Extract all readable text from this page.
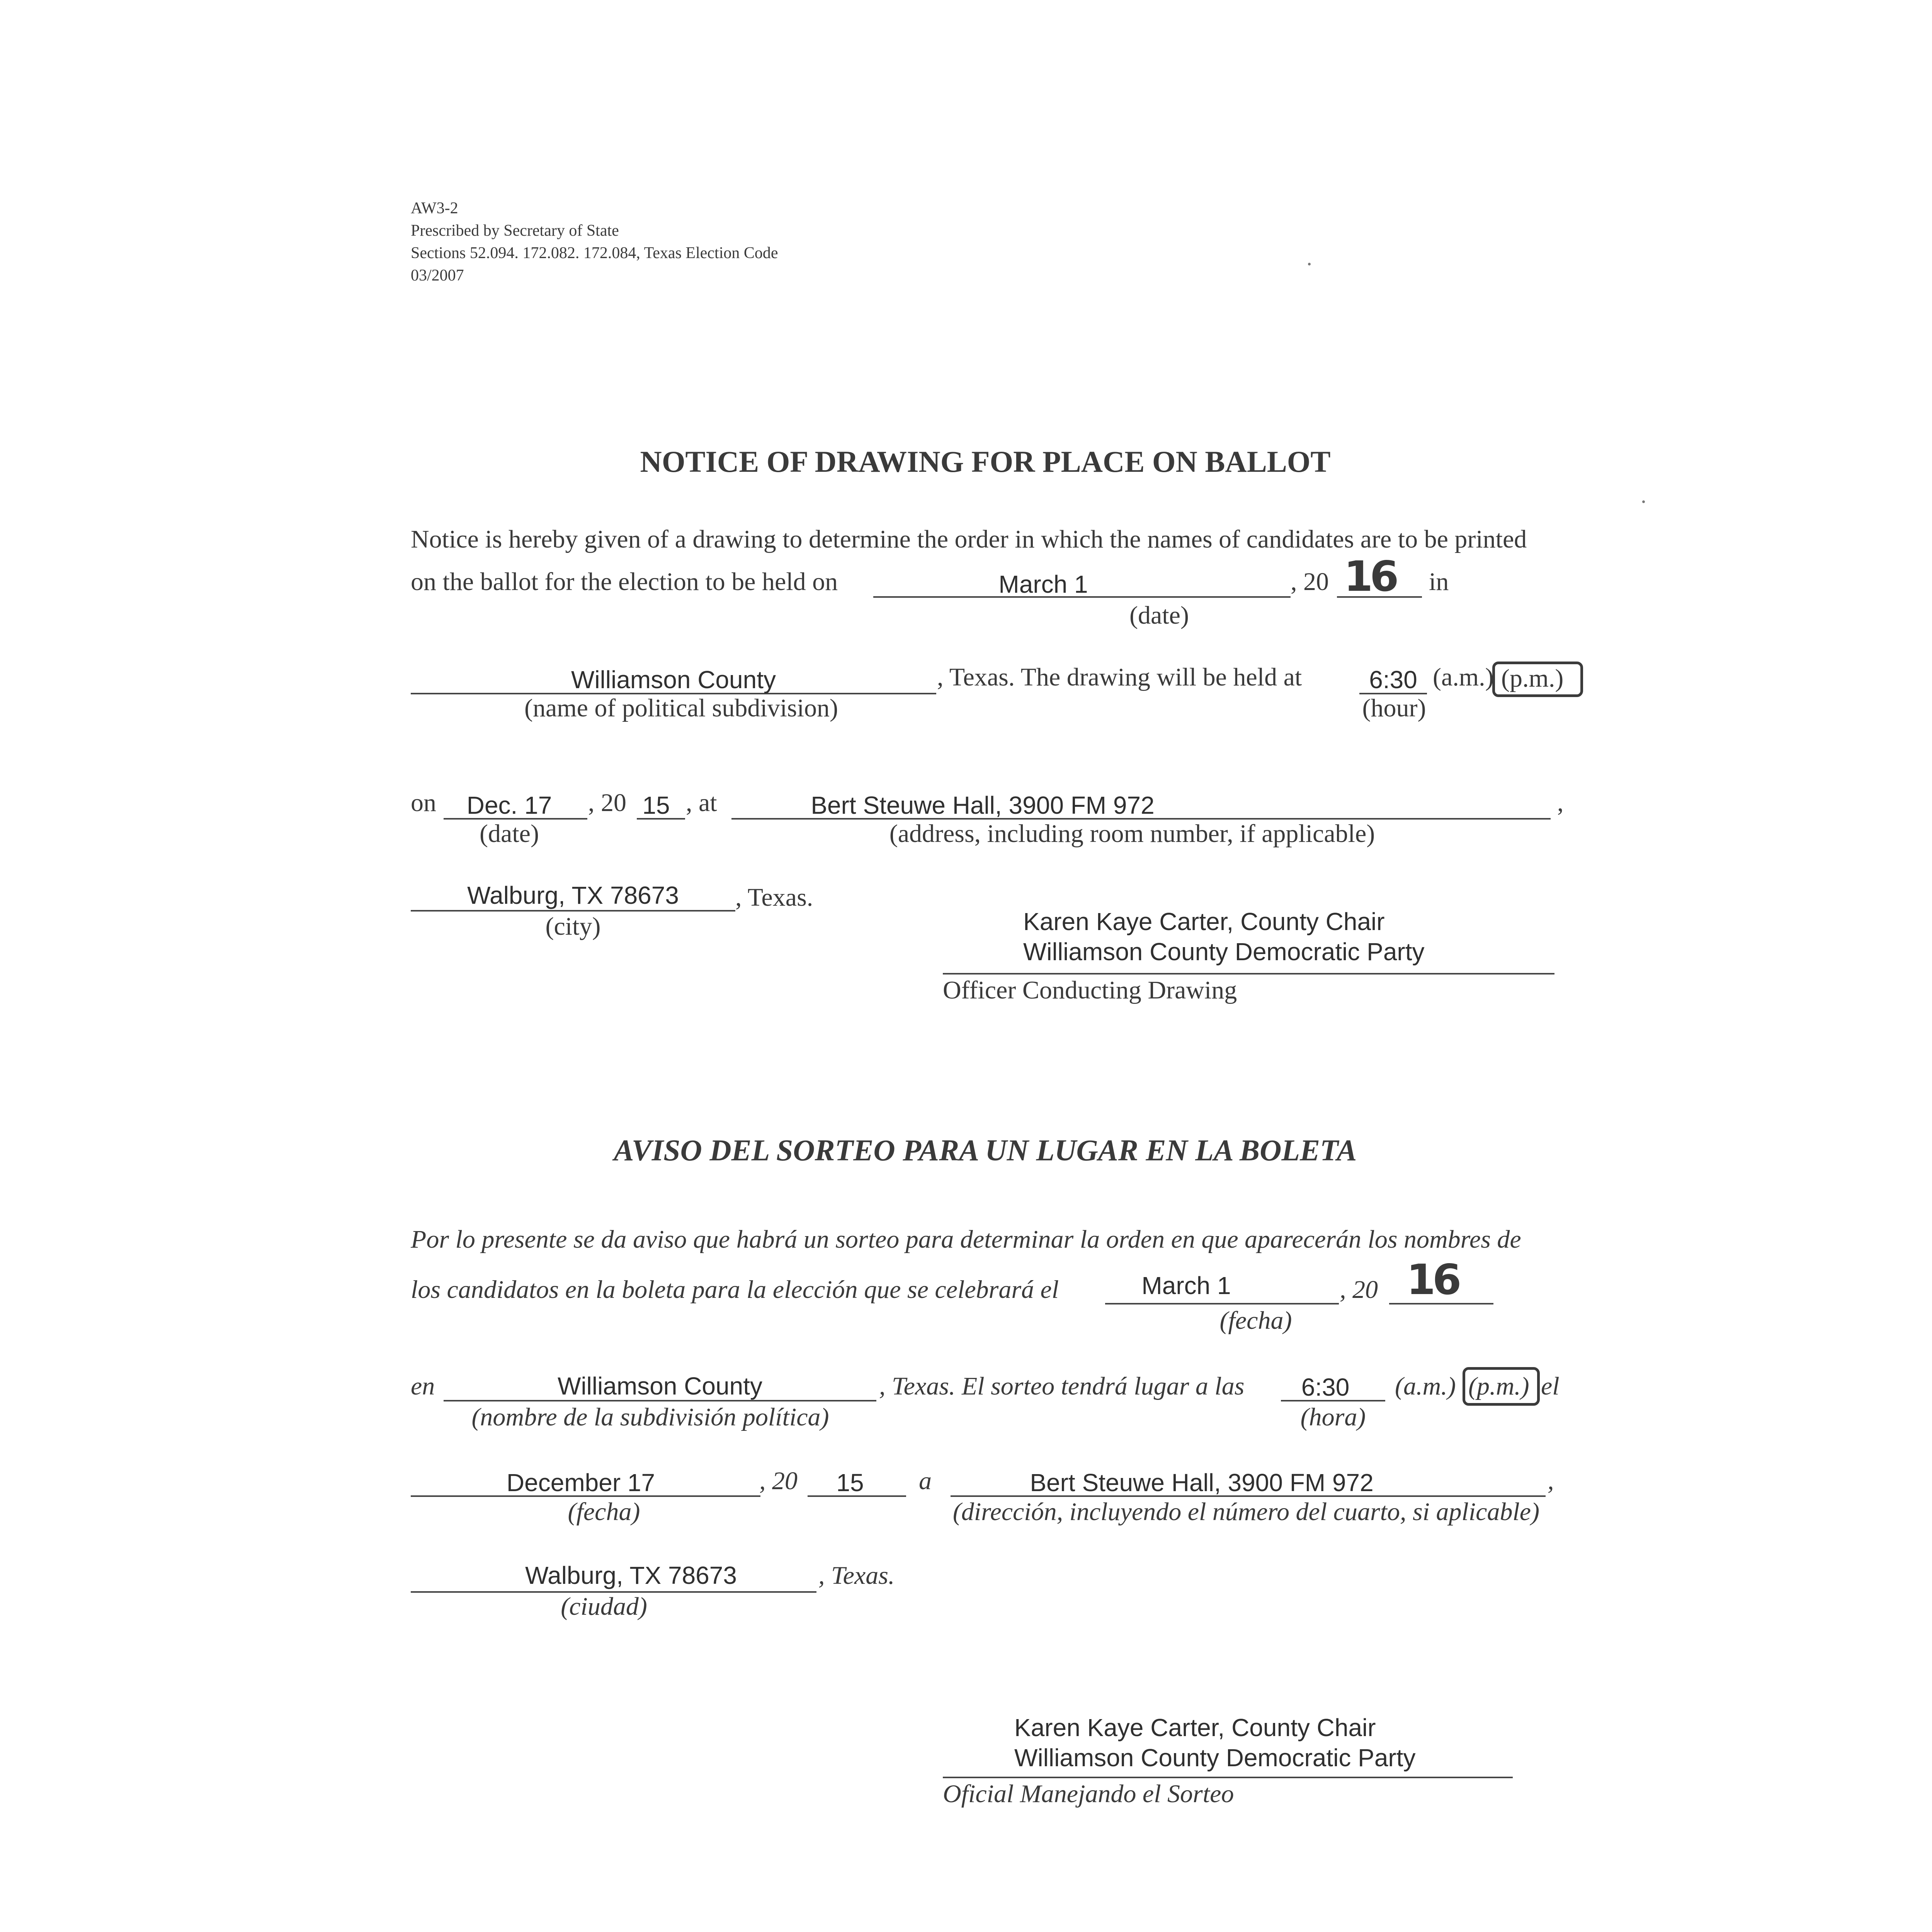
AW3-2
Prescribed by Secretary of State
Sections 52.094. 172.082. 172.084, Texas Election Code
03/2007
NOTICE OF DRAWING FOR PLACE ON BALLOT
Notice is hereby given of a drawing to determine the order in which the names of candidates are to be printed
on the ballot for the election to be held on	March 1	, 20 16 in
(date)
Williamson County	, Texas. The drawing will be held at	6:30 (a.m.) (p.m.)
(name of political subdivision)	(hour)
on	Dec. 17	, 20 15 , at	Bert Steuwe Hall, 3900 FM 972	,
(date)	(address, including room number, if applicable)
Walburg, TX 78673	, Texas.
(city)	Karen Kaye Carter, County Chair
Williamson County Democratic Party
Officer Conducting Drawing
AVISO DEL SORTEO PARA UN LUGAR EN LA BOLETA
Por lo presente se da aviso que habrá un sorteo para determinar la orden en que aparecerán los nombres de
los candidatos en la boleta para la elección que se celebrará el	March 1	, 20 16
(fecha)
en	Williamson County	, Texas. El sorteo tendrá lugar a las	6:30	(a.m.) (p.m.) el
(nombre de la subdivisión política)	(hora)
December 17	, 20	15	a	Bert Steuwe Hall, 3900 FM 972	,
(fecha)	(dirección, incluyendo el número del cuarto, si aplicable)
Walburg, TX 78673	, Texas.
(ciudad)
Karen Kaye Carter, County Chair
Williamson County Democratic Party
Oficial Manejando el Sorteo
